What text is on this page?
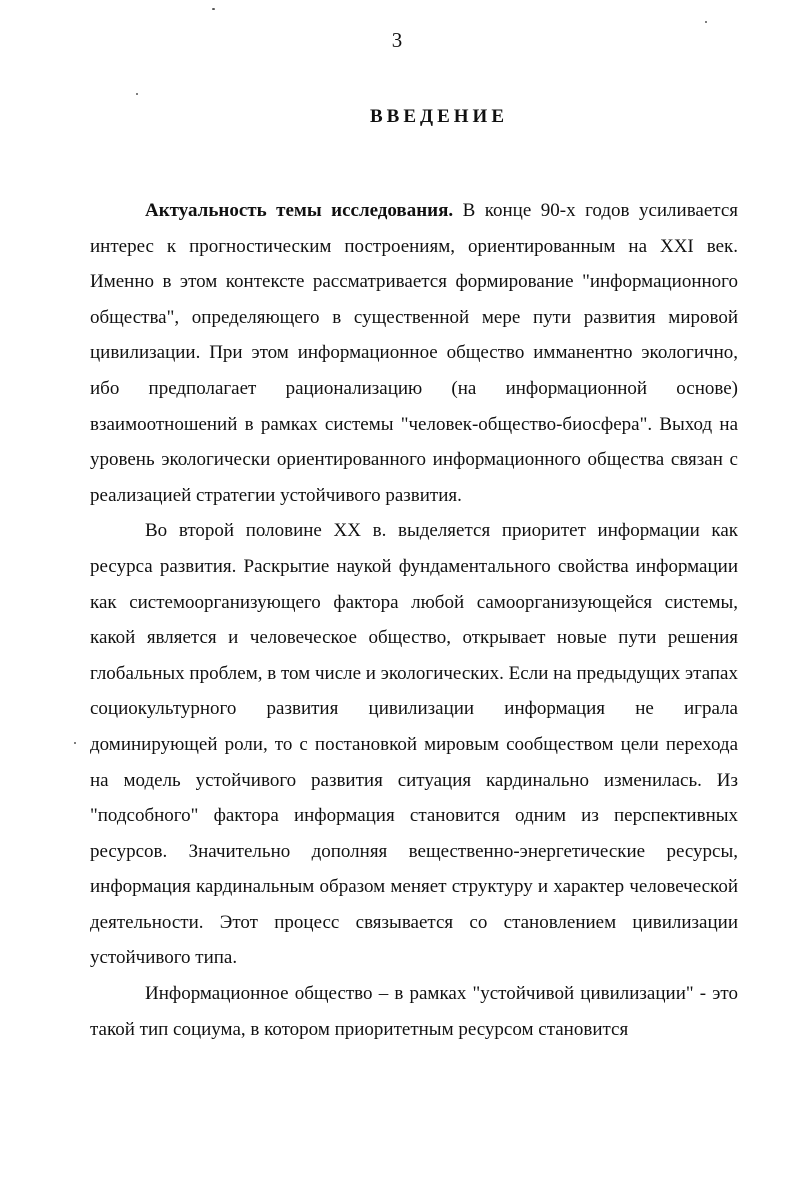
3
ВВЕДЕНИЕ

Актуальность темы исследования. В конце 90-х годов усиливается интерес к прогностическим построениям, ориентированным на XXI век. Именно в этом контексте рассматривается формирование "информационного общества", определяющего в существенной мере пути развития мировой цивилизации. При этом информационное общество имманентно экологично, ибо предполагает рационализацию (на информационной основе) взаимоотношений в рамках системы "человек-общество-биосфера". Выход на уровень экологически ориентированного информационного общества связан с реализацией стратегии устойчивого развития.

Во второй половине XX в. выделяется приоритет информации как ресурса развития. Раскрытие наукой фундаментального свойства информации как системоорганизующего фактора любой самоорганизующейся системы, какой является и человеческое общество, открывает новые пути решения глобальных проблем, в том числе и экологических. Если на предыдущих этапах социокультурного развития цивилизации информация не играла доминирующей роли, то с постановкой мировым сообществом цели перехода на модель устойчивого развития ситуация кардинально изменилась. Из "подсобного" фактора информация становится одним из перспективных ресурсов. Значительно дополняя вещественно-энергетические ресурсы, информация кардинальным образом меняет структуру и характер человеческой деятельности. Этот процесс связывается со становлением цивилизации устойчивого типа.

Информационное общество – в рамках "устойчивой цивилизации" - это такой тип социума, в котором приоритетным ресурсом становится
